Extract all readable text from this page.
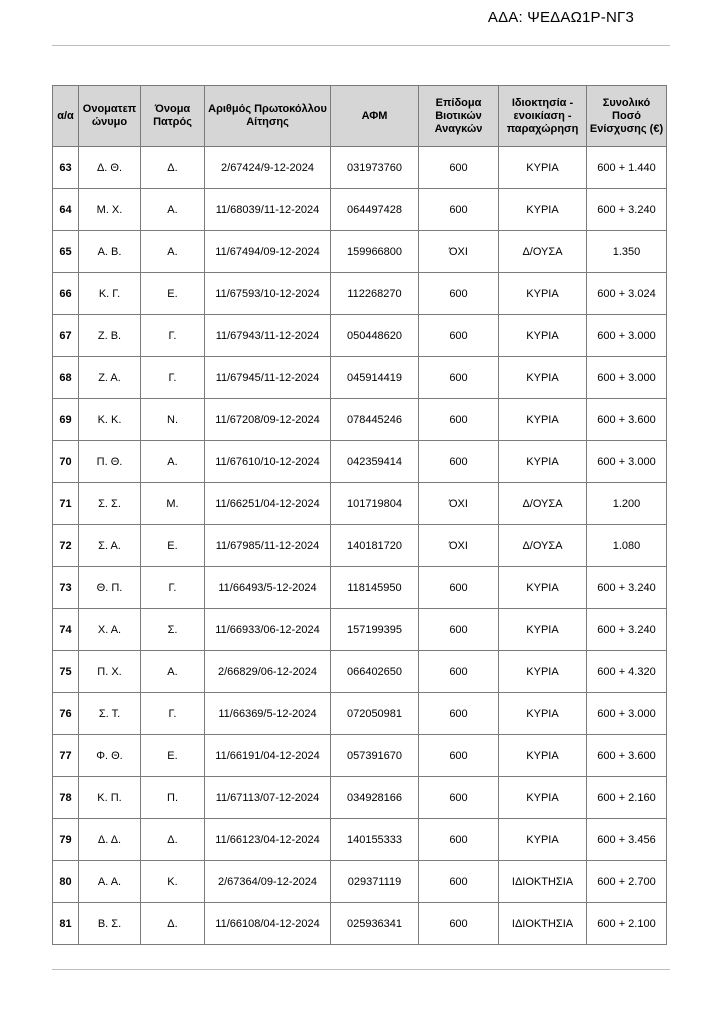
ΑΔΑ: ΨΕΔΑΩ1Ρ-ΝΓ3
α/α	Ονοματεπ ώνυμο	Όνομα Πατρός	Αριθμός Πρωτοκόλλου Αίτησης	ΑΦΜ	Επίδομα Βιοτικών Αναγκών	Ιδιοκτησία - ενοικίαση - παραχώρηση	Συνολικό Ποσό Ενίσχυσης (€)
63	Δ. Θ.	Δ.	2/67424/9-12-2024	031973760	600	ΚΥΡΙΑ	600 + 1.440
64	Μ. Χ.	Α.	11/68039/11-12-2024	064497428	600	ΚΥΡΙΑ	600 + 3.240
65	Α. Β.	Α.	11/67494/09-12-2024	159966800	ΌΧΙ	Δ/ΟΥΣΑ	1.350
66	Κ. Γ.	Ε.	11/67593/10-12-2024	112268270	600	ΚΥΡΙΑ	600 + 3.024
67	Ζ. Β.	Γ.	11/67943/11-12-2024	050448620	600	ΚΥΡΙΑ	600 + 3.000
68	Ζ. Α.	Γ.	11/67945/11-12-2024	045914419	600	ΚΥΡΙΑ	600 + 3.000
69	Κ. Κ.	Ν.	11/67208/09-12-2024	078445246	600	ΚΥΡΙΑ	600 + 3.600
70	Π. Θ.	Α.	11/67610/10-12-2024	042359414	600	ΚΥΡΙΑ	600 + 3.000
71	Σ. Σ.	Μ.	11/66251/04-12-2024	101719804	ΌΧΙ	Δ/ΟΥΣΑ	1.200
72	Σ. Α.	Ε.	11/67985/11-12-2024	140181720	ΌΧΙ	Δ/ΟΥΣΑ	1.080
73	Θ. Π.	Γ.	11/66493/5-12-2024	118145950	600	ΚΥΡΙΑ	600 + 3.240
74	Χ. Α.	Σ.	11/66933/06-12-2024	157199395	600	ΚΥΡΙΑ	600 + 3.240
75	Π. Χ.	Α.	2/66829/06-12-2024	066402650	600	ΚΥΡΙΑ	600 + 4.320
76	Σ. Τ.	Γ.	11/66369/5-12-2024	072050981	600	ΚΥΡΙΑ	600 + 3.000
77	Φ. Θ.	Ε.	11/66191/04-12-2024	057391670	600	ΚΥΡΙΑ	600 + 3.600
78	Κ. Π.	Π.	11/67113/07-12-2024	034928166	600	ΚΥΡΙΑ	600 + 2.160
79	Δ. Δ.	Δ.	11/66123/04-12-2024	140155333	600	ΚΥΡΙΑ	600 + 3.456
80	Α. Α.	Κ.	2/67364/09-12-2024	029371119	600	ΙΔΙΟΚΤΗΣΙΑ	600 + 2.700
81	Β. Σ.	Δ.	11/66108/04-12-2024	025936341	600	ΙΔΙΟΚΤΗΣΙΑ	600 + 2.100
